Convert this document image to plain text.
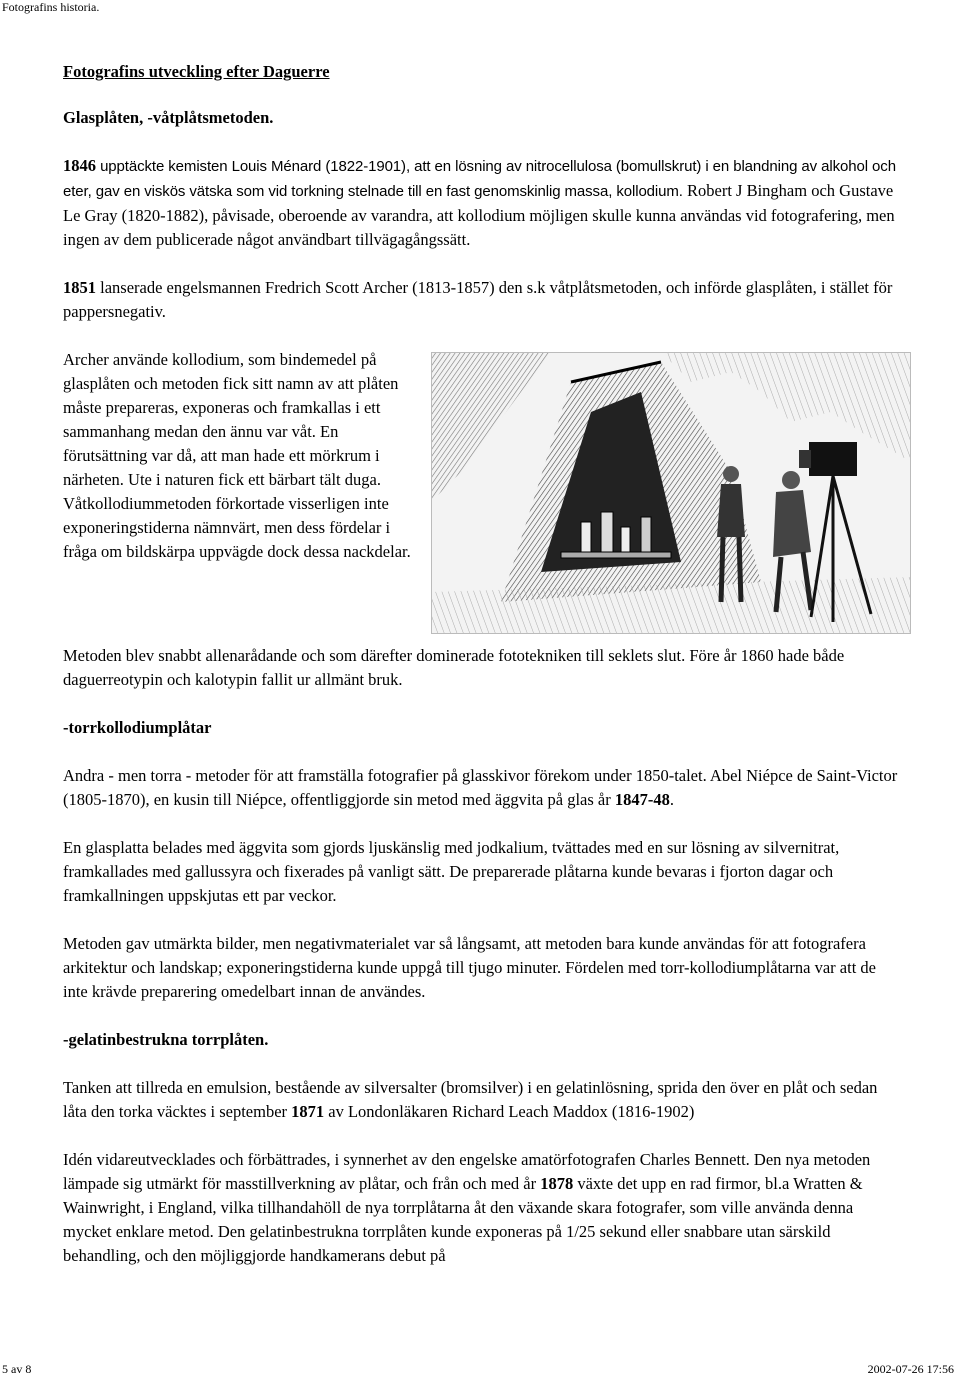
Fotografins historia.
Fotografins utveckling efter Daguerre
Glasplåten, -våtplåtsmetoden.

1846 upptäckte kemisten Louis Ménard (1822-1901), att en lösning av nitrocellulosa (bomullskrut) i en blandning av alkohol och eter, gav en viskös vätska som vid torkning stelnade till en fast genomskinlig massa, kollodium. Robert J Bingham och Gustave Le Gray (1820-1882), påvisade, oberoende av varandra, att kollodium möjligen skulle kunna användas vid fotografering, men ingen av dem publicerade något användbart tillvägagångssätt.

1851 lanserade engelsmannen Fredrich Scott Archer (1813-1857) den s.k våtplåtsmetoden, och införde glasplåten, i stället för pappersnegativ.

Archer använde kollodium, som bindemedel på glasplåten och metoden fick sitt namn av att plåten måste prepareras, exponeras och framkallas i ett sammanhang medan den ännu var våt. En förutsättning var då, att man hade ett mörkrum i närheten. Ute i naturen fick ett bärbart tält duga. Våtkollodiummetoden förkortade visserligen inte exponeringstiderna nämnvärt, men dess fördelar i fråga om bildskärpa uppvägde dock dessa nackdelar.

Metoden blev snabbt allenarådande och som därefter dominerade fototekniken till seklets slut. Före år 1860 hade både daguerreotypin och kalotypin fallit ur allmänt bruk.

-torrkollodiumplåtar

Andra - men torra - metoder för att framställa fotografier på glasskivor förekom under 1850-talet. Abel Niépce de Saint-Victor (1805-1870), en kusin till Niépce, offentliggjorde sin metod med äggvita på glas år 1847-48.

En glasplatta belades med äggvita som gjords ljuskänslig med jodkalium, tvättades med en sur lösning av silvernitrat, framkallades med gallussyra och fixerades på vanligt sätt. De preparerade plåtarna kunde bevaras i fjorton dagar och framkallningen uppskjutas ett par veckor.

Metoden gav utmärkta bilder, men negativmaterialet var så långsamt, att metoden bara kunde användas för att fotografera arkitektur och landskap; exponeringstiderna kunde uppgå till tjugo minuter. Fördelen med torr-kollodiumplåtarna var att de inte krävde preparering omedelbart innan de användes.

-gelatinbestrukna torrplåten.

Tanken att tillreda en emulsion, bestående av silversalter (bromsilver) i en gelatinlösning, sprida den över en plåt och sedan låta den torka väcktes i september 1871 av Londonläkaren Richard Leach Maddox (1816-1902)

Idén vidareutvecklades och förbättrades, i synnerhet av den engelske amatörfotografen Charles Bennett. Den nya metoden lämpade sig utmärkt för masstillverkning av plåtar, och från och med år 1878 växte det upp en rad firmor, bl.a Wratten & Wainwright, i England, vilka tillhandahöll de nya torrplåtarna åt den växande skara fotografer, som ville använda denna mycket enklare metod. Den gelatinbestrukna torrplåten kunde exponeras på 1/25 sekund eller snabbare utan särskild behandling, och den möjliggjorde handkamerans debut på

5 av 8	2002-07-26 17:56
